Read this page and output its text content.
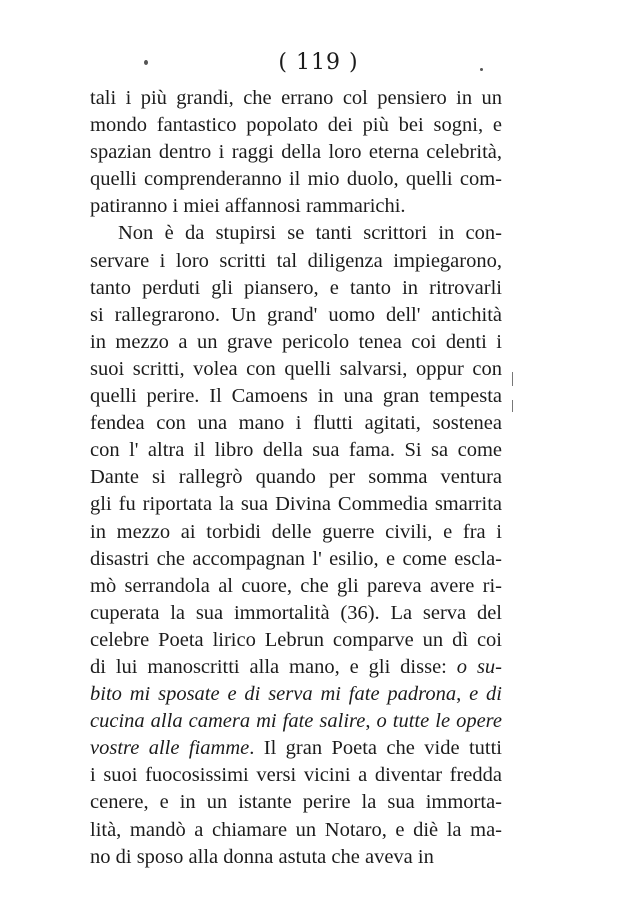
( 119 )
tali i più grandi, che errano col pensiero in un
mondo fantastico popolato dei più bei sogni, e
spazian dentro i raggi della loro eterna celebrità,
quelli comprenderanno il mio duolo, quelli com-
patiranno i miei affannosi rammarichi.
Non è da stupirsi se tanti scrittori in con-
servare i loro scritti tal diligenza impiegarono,
tanto perduti gli piansero, e tanto in ritrovarli
si rallegrarono. Un grand' uomo dell' antichità
in mezzo a un grave pericolo tenea coi denti i
suoi scritti, volea con quelli salvarsi, oppur con
quelli perire. Il Camoens in una gran tempesta
fendea con una mano i flutti agitati, sostenea
con l' altra il libro della sua fama. Si sa come
Dante si rallegrò quando per somma ventura
gli fu riportata la sua Divina Commedia smarrita
in mezzo ai torbidi delle guerre civili, e fra i
disastri che accompagnan l' esilio, e come escla-
mò serrandola al cuore, che gli pareva avere ri-
cuperata la sua immortalità (36). La serva del
celebre Poeta lirico Lebrun comparve un dì coi
di lui manoscritti alla mano, e gli disse: o su-
bito mi sposate e di serva mi fate padrona, e di
cucina alla camera mi fate salire, o tutte le opere
vostre alle fiamme. Il gran Poeta che vide tutti
i suoi fuocosissimi versi vicini a diventar fredda
cenere, e in un istante perire la sua immorta-
lità, mandò a chiamare un Notaro, e diè la ma-
no di sposo alla donna astuta che aveva in
